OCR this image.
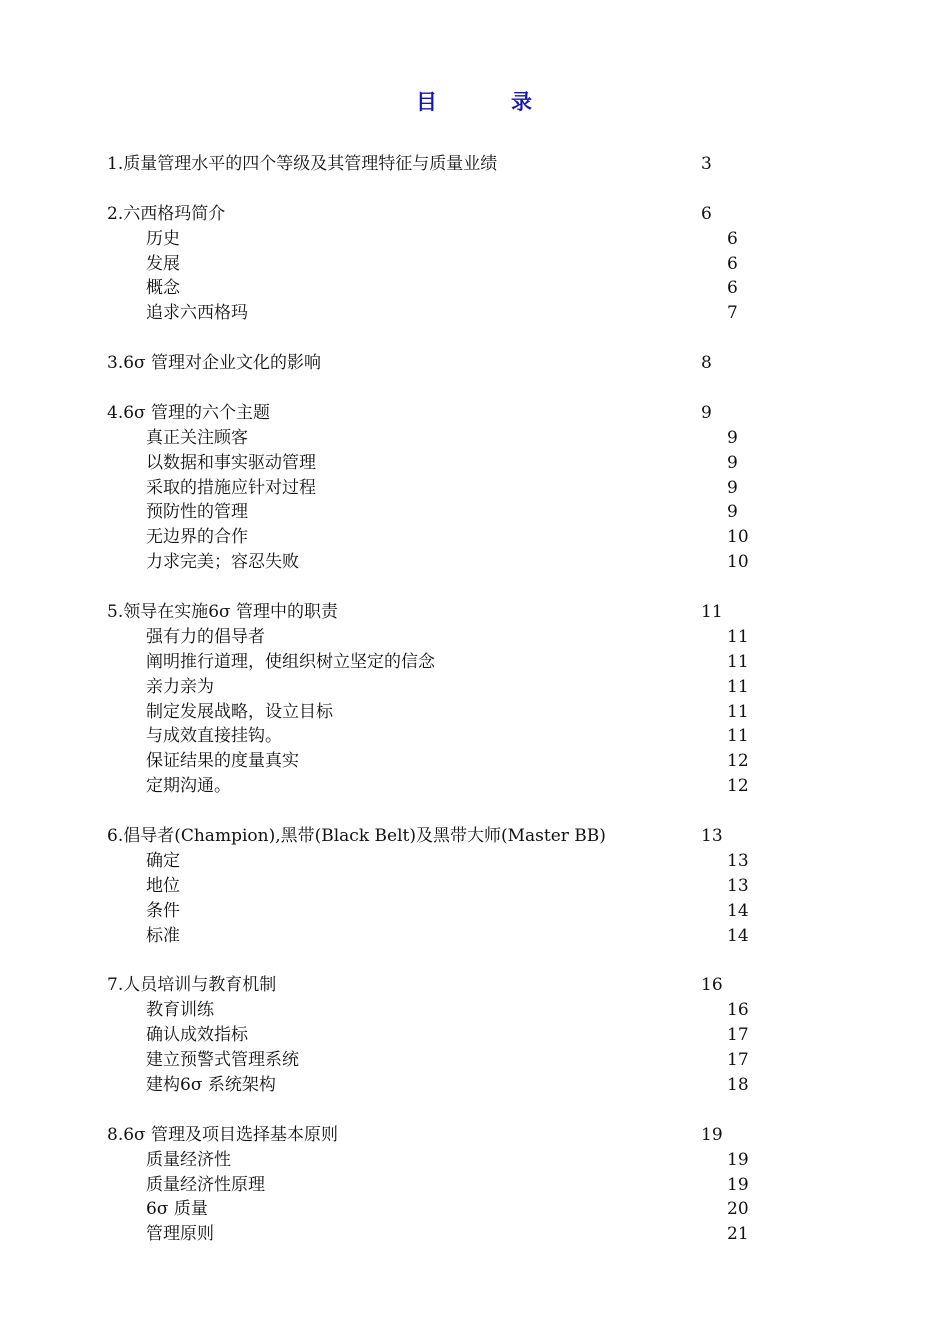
目	录
1.质量管理水平的四个等级及其管理特征与质量业绩	3
2.六西格玛简介	6
历史	6
发展	6
概念	6
追求六西格玛	7
3.6σ 管理对企业文化的影响	8
4.6σ 管理的六个主题	9
真正关注顾客	9
以数据和事实驱动管理	9
采取的措施应针对过程	9
预防性的管理	9
无边界的合作	10
力求完美；容忍失败	10
5.领导在实施6σ 管理中的职责	11
强有力的倡导者	11
阐明推行道理，使组织树立坚定的信念	11
亲力亲为	11
制定发展战略，设立目标	11
与成效直接挂钩。	11
保证结果的度量真实	12
定期沟通。	12
6.倡导者(Champion),黑带(Black Belt)及黑带大师(Master BB)	13
确定	13
地位	13
条件	14
标准	14
7.人员培训与教育机制	16
教育训练	16
确认成效指标	17
建立预警式管理系统	17
建构6σ 系统架构	18
8.6σ 管理及项目选择基本原则	19
质量经济性	19
质量经济性原理	19
6σ 质量	20
管理原则	21
